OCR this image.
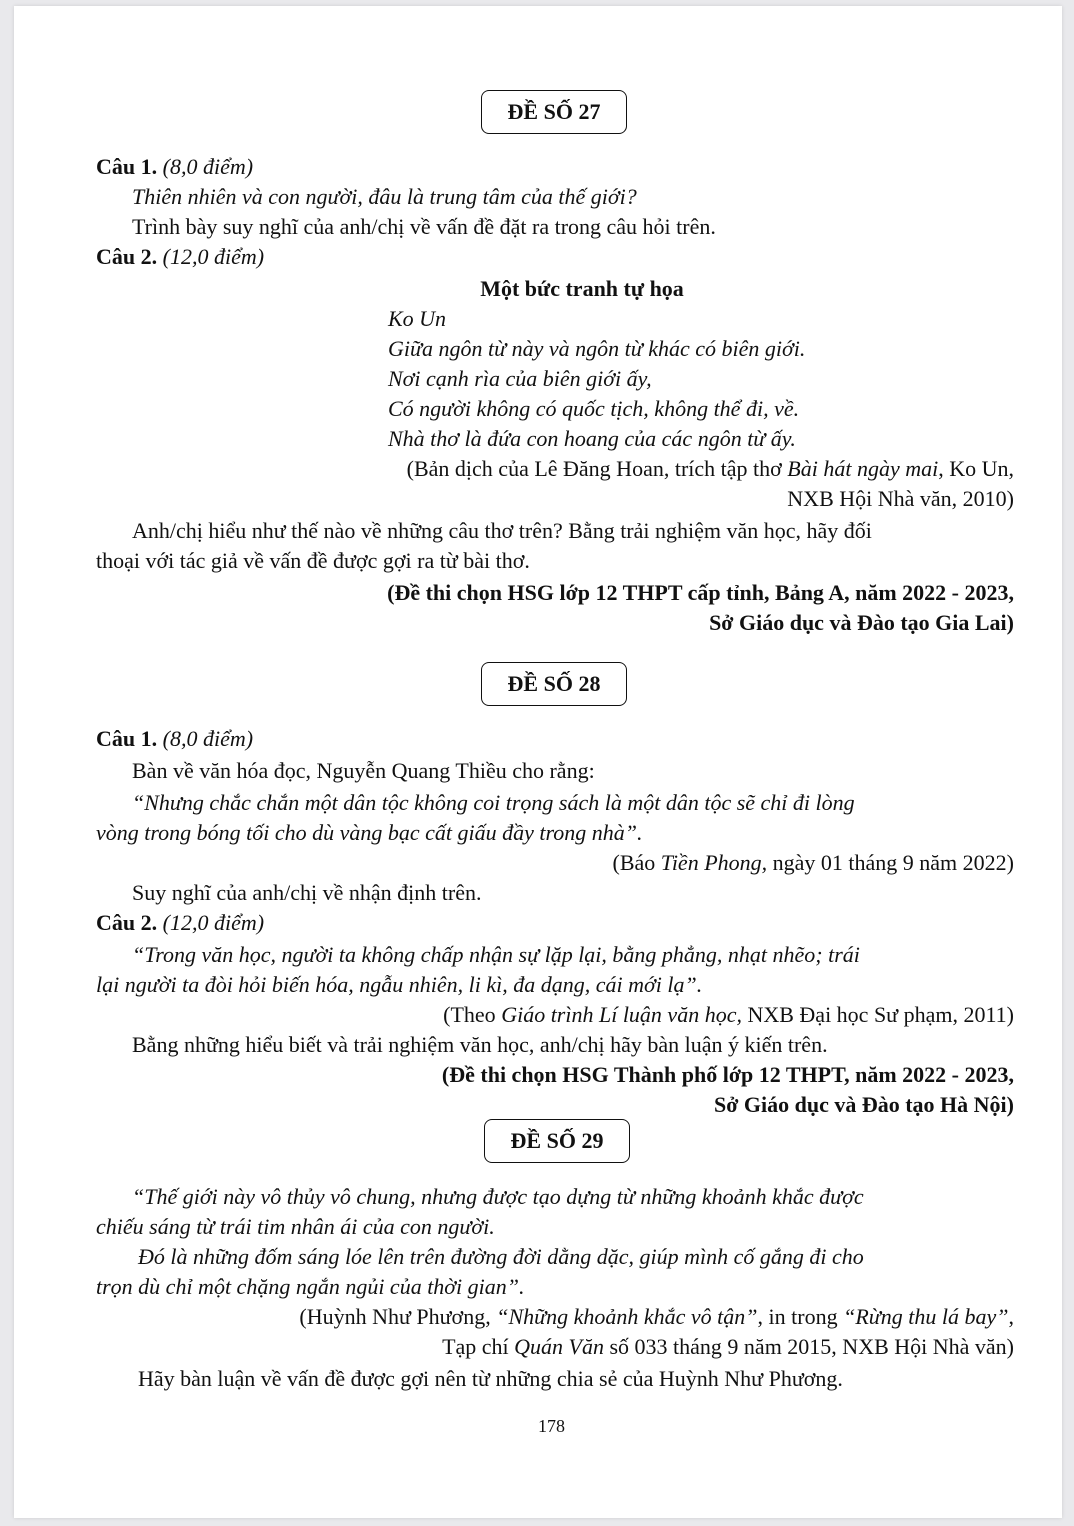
ĐỀ SỐ 27
Câu 1. (8,0 điểm)
Thiên nhiên và con người, đâu là trung tâm của thế giới?
Trình bày suy nghĩ của anh/chị về vấn đề đặt ra trong câu hỏi trên.
Câu 2. (12,0 điểm)
Một bức tranh tự họa
Ko Un
Giữa ngôn từ này và ngôn từ khác có biên giới.
Nơi cạnh rìa của biên giới ấy,
Có người không có quốc tịch, không thể đi, về.
Nhà thơ là đứa con hoang của các ngôn từ ấy.
(Bản dịch của Lê Đăng Hoan, trích tập thơ Bài hát ngày mai, Ko Un,
NXB Hội Nhà văn, 2010)
Anh/chị hiểu như thế nào về những câu thơ trên? Bằng trải nghiệm văn học, hãy đối
thoại với tác giả về vấn đề được gợi ra từ bài thơ.
(Đề thi chọn HSG lớp 12 THPT cấp tỉnh, Bảng A, năm 2022 - 2023,
Sở Giáo dục và Đào tạo Gia Lai)
ĐỀ SỐ 28
Câu 1. (8,0 điểm)
Bàn về văn hóa đọc, Nguyễn Quang Thiều cho rằng:
“Nhưng chắc chắn một dân tộc không coi trọng sách là một dân tộc sẽ chỉ đi lòng
vòng trong bóng tối cho dù vàng bạc cất giấu đầy trong nhà”.
(Báo Tiền Phong, ngày 01 tháng 9 năm 2022)
Suy nghĩ của anh/chị về nhận định trên.
Câu 2. (12,0 điểm)
“Trong văn học, người ta không chấp nhận sự lặp lại, bằng phẳng, nhạt nhẽo; trái
lại người ta đòi hỏi biến hóa, ngẫu nhiên, li kì, đa dạng, cái mới lạ”.
(Theo Giáo trình Lí luận văn học, NXB Đại học Sư phạm, 2011)
Bằng những hiểu biết và trải nghiệm văn học, anh/chị hãy bàn luận ý kiến trên.
(Đề thi chọn HSG Thành phố lớp 12 THPT, năm 2022 - 2023,
Sở Giáo dục và Đào tạo Hà Nội)
ĐỀ SỐ 29
“Thế giới này vô thủy vô chung, nhưng được tạo dựng từ những khoảnh khắc được
chiếu sáng từ trái tim nhân ái của con người.
Đó là những đốm sáng lóe lên trên đường đời dằng dặc, giúp mình cố gắng đi cho
trọn dù chỉ một chặng ngắn ngủi của thời gian”.
(Huỳnh Như Phương, “Những khoảnh khắc vô tận”, in trong “Rừng thu lá bay”,
Tạp chí Quán Văn số 033 tháng 9 năm 2015, NXB Hội Nhà văn)
Hãy bàn luận về vấn đề được gợi nên từ những chia sẻ của Huỳnh Như Phương.
178
